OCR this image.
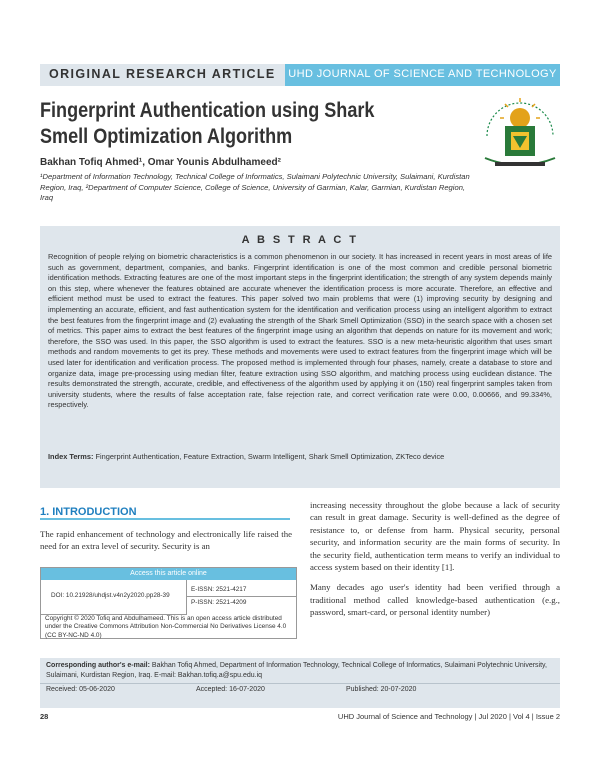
ORIGINAL RESEARCH ARTICLE UHD JOURNAL OF SCIENCE AND TECHNOLOGY
Fingerprint Authentication using Shark Smell Optimization Algorithm
Bakhan Tofiq Ahmed¹, Omar Younis Abdulhameed²
¹Department of Information Technology, Technical College of Informatics, Sulaimani Polytechnic University, Sulaimani, Kurdistan Region, Iraq, ²Department of Computer Science, College of Science, University of Garmian, Kalar, Garmian, Kurdistan Region, Iraq
A B S T R A C T
Recognition of people relying on biometric characteristics is a common phenomenon in our society. It has increased in recent years in most areas of life such as government, department, companies, and banks. Fingerprint identification is one of the most common and credible personal biometric identification methods. Extracting features are one of the most important steps in the fingerprint identification; the strength of any system depends mainly on this step, where whenever the features obtained are accurate whenever the identification process is more accurate. Therefore, an effective and efficient method must be used to extract the features. This paper solved two main problems that were (1) improving security by designing and implementing an accurate, efficient, and fast authentication system for the identification and verification process using an intelligent algorithm to extract the best features from the fingerprint image and (2) evaluating the strength of the Shark Smell Optimization (SSO) in the search space with a chosen set of metrics. This paper aims to extract the best features of the fingerprint image using an algorithm that depends on nature for its movement and work; therefore, the SSO was used. In this paper, the SSO algorithm is used to extract the features. SSO is a new meta-heuristic algorithm that uses smart methods and random movements to get its prey. These methods and movements were used to extract features from the fingerprint image which will be used later for identification and verification process. The proposed method is implemented through four phases, namely, create a database to store and organize data, image pre-processing using median filter, feature extraction using SSO algorithm, and matching process using euclidean distance. The results demonstrated the strength, accurate, credible, and effectiveness of the algorithm used by applying it on (150) real fingerprint samples taken from university students, where the results of false acceptation rate, false rejection rate, and correct verification rate were 0.00, 0.00666, and 99.334%, respectively.
Index Terms: Fingerprint Authentication, Feature Extraction, Swarm Intelligent, Shark Smell Optimization, ZKTeco device
1. INTRODUCTION
The rapid enhancement of technology and electronically life raised the need for an extra level of security. Security is an
Access this article online
DOI: 10.21928/uhdjst.v4n2y2020.pp28-39
E-ISSN: 2521-4217
P-ISSN: 2521-4209
Copyright © 2020 Tofiq and Abdulhameed. This is an open access article distributed under the Creative Commons Attribution Non-Commercial No Derivatives License 4.0 (CC BY-NC-ND 4.0)

increasing necessity throughout the globe because a lack of security can result in great damage. Security is well-defined as the degree of resistance to, or defense from harm. Physical security, personal security, and information security are the main forms of security. In the security field, authentication term means to verify an individual to access system based on their identity [1].

Many decades ago user's identity had been verified through a traditional method called knowledge-based authentication (e.g., password, smart-card, or personal identity number)

Corresponding author's e-mail: Bakhan Tofiq Ahmed, Department of Information Technology, Technical College of Informatics, Sulaimani Polytechnic University, Sulaimani, Kurdistan Region, Iraq. E-mail: Bakhan.tofiq.a@spu.edu.iq
Received: 05-06-2020	Accepted: 16-07-2020	Published: 20-07-2020
28	UHD Journal of Science and Technology | Jul 2020 | Vol 4 | Issue 2
